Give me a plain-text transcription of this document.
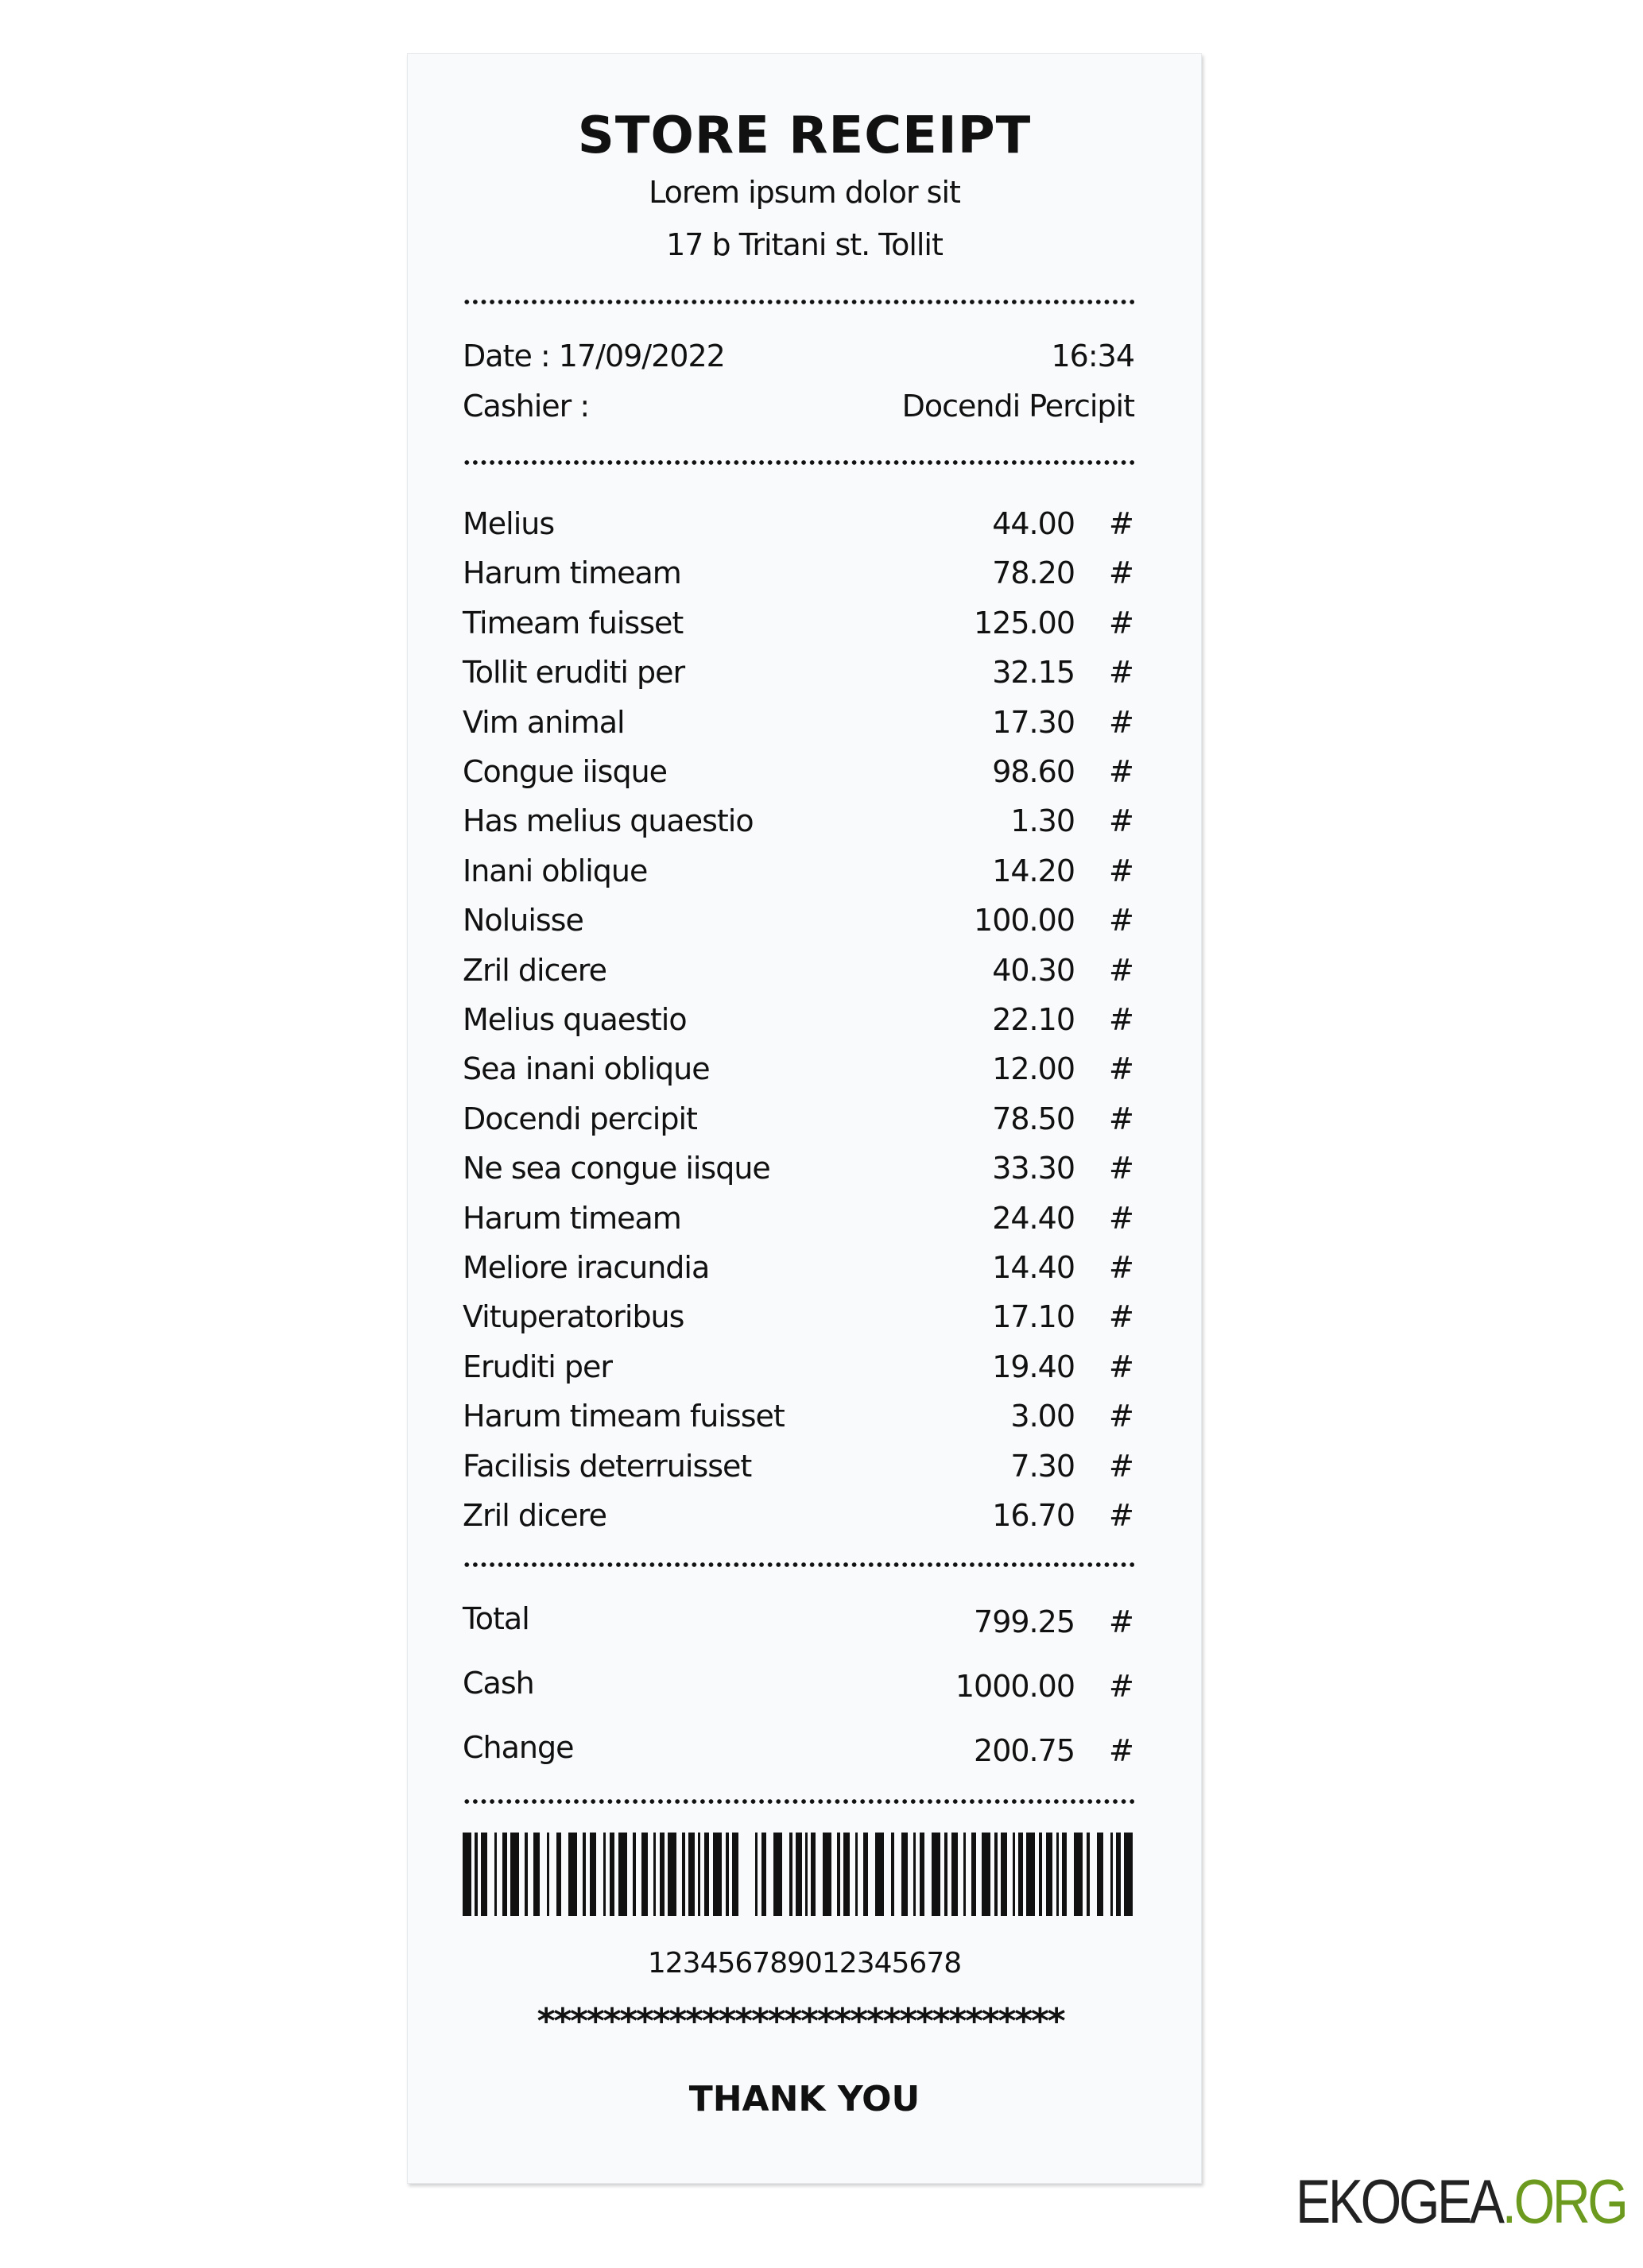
STORE RECEIPT
Lorem ipsum dolor sit
17 b Tritani st. Tollit
Date : 17/09/2022	16:34
Cashier :	Docendi Percipit
Melius	44.00 #
Harum timeam	78.20 #
Timeam fuisset	125.00 #
Tollit eruditi per	32.15 #
Vim animal	17.30 #
Congue iisque	98.60 #
Has melius quaestio	1.30 #
Inani oblique	14.20 #
Noluisse	100.00 #
Zril dicere	40.30 #
Melius quaestio	22.10 #
Sea inani oblique	12.00 #
Docendi percipit	78.50 #
Ne sea congue iisque	33.30 #
Harum timeam	24.40 #
Meliore iracundia	14.40 #
Vituperatoribus	17.10 #
Eruditi per	19.40 #
Harum timeam fuisset	3.00 #
Facilisis deterruisset	7.30 #
Zril dicere	16.70 #
Total	799.25 #
Cash	1000.00 #
Change	200.75 #
123456789012345678
********************************
THANK YOU
EKOGEA.ORG
